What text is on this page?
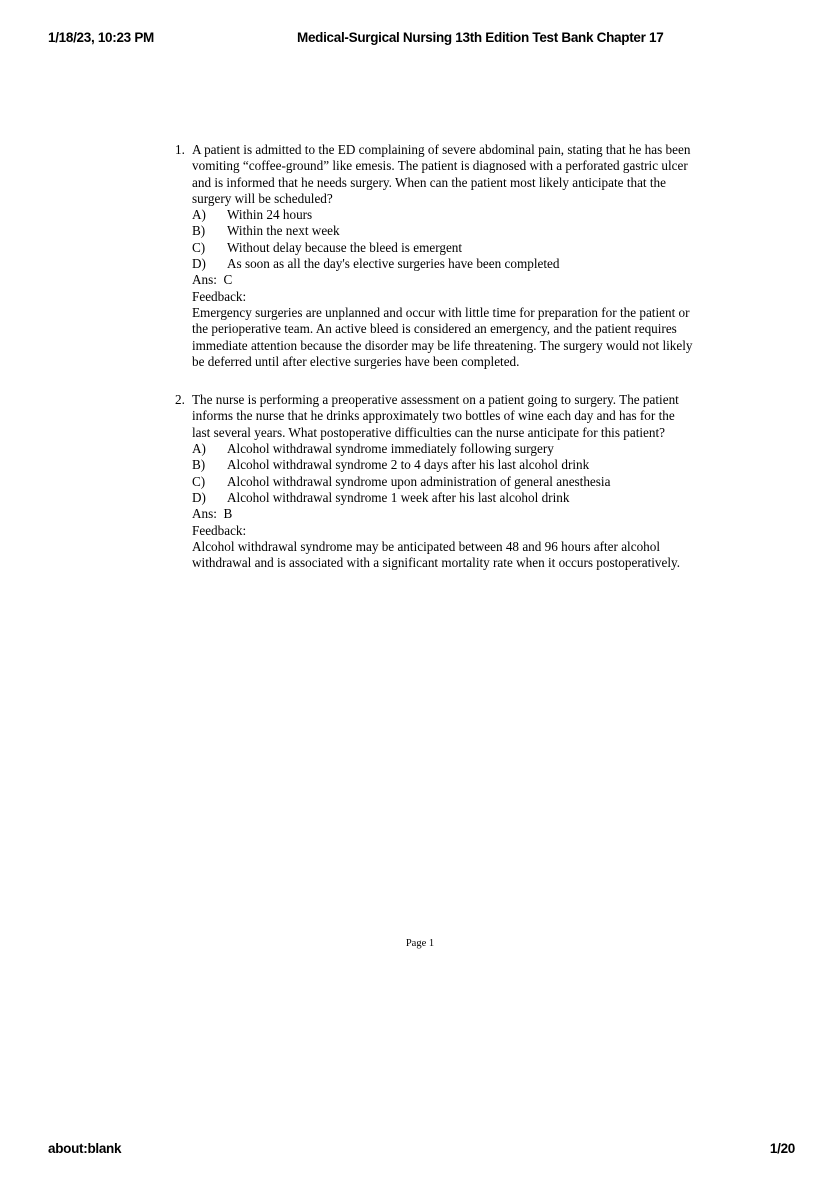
1/18/23, 10:23 PM	Medical-Surgical Nursing 13th Edition Test Bank Chapter 17
1. A patient is admitted to the ED complaining of severe abdominal pain, stating that he has been vomiting “coffee-ground” like emesis. The patient is diagnosed with a perforated gastric ulcer and is informed that he needs surgery. When can the patient most likely anticipate that the surgery will be scheduled?
A)	Within 24 hours
B)	Within the next week
C)	Without delay because the bleed is emergent
D)	As soon as all the day's elective surgeries have been completed
Ans:  C
Feedback:
Emergency surgeries are unplanned and occur with little time for preparation for the patient or the perioperative team. An active bleed is considered an emergency, and the patient requires immediate attention because the disorder may be life threatening. The surgery would not likely be deferred until after elective surgeries have been completed.
2. The nurse is performing a preoperative assessment on a patient going to surgery. The patient informs the nurse that he drinks approximately two bottles of wine each day and has for the last several years. What postoperative difficulties can the nurse anticipate for this patient?
A)	Alcohol withdrawal syndrome immediately following surgery
B)	Alcohol withdrawal syndrome 2 to 4 days after his last alcohol drink
C)	Alcohol withdrawal syndrome upon administration of general anesthesia
D)	Alcohol withdrawal syndrome 1 week after his last alcohol drink
Ans:  B
Feedback:
Alcohol withdrawal syndrome may be anticipated between 48 and 96 hours after alcohol withdrawal and is associated with a significant mortality rate when it occurs postoperatively.
Page 1
about:blank	1/20
